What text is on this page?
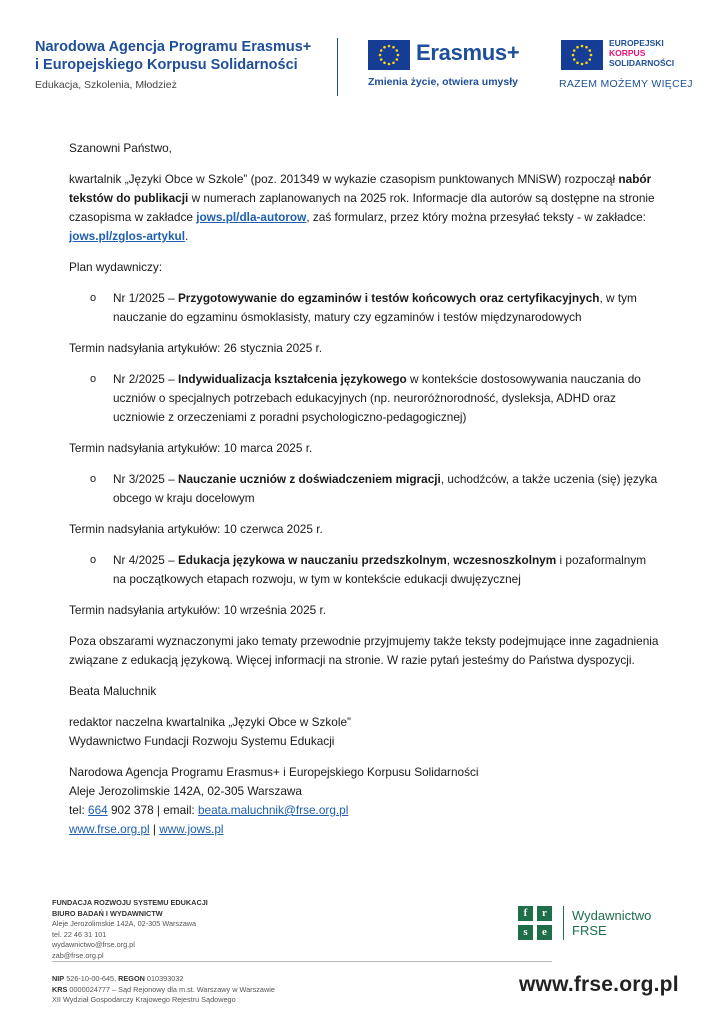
Narodowa Agencja Programu Erasmus+
i Europejskiego Korpusu Solidarności
Edukacja, Szkolenia, Młodzież
Erasmus+
Zmienia życie, otwiera umysły
EUROPEJSKI
KORPUS
SOLIDARNOŚCI
RAZEM MOŻEMY WIĘCEJ

Szanowni Państwo,

kwartalnik „Języki Obce w Szkole” (poz. 201349 w wykazie czasopism punktowanych MNiSW) rozpoczął nabór tekstów do publikacji w numerach zaplanowanych na 2025 rok. Informacje dla autorów są dostępne na stronie czasopisma w zakładce jows.pl/dla-autorow, zaś formularz, przez który można przesyłać teksty - w zakładce: jows.pl/zglos-artykul.

Plan wydawniczy:

o Nr 1/2025 – Przygotowywanie do egzaminów i testów końcowych oraz certyfikacyjnych, w tym nauczanie do egzaminu ósmoklasisty, matury czy egzaminów i testów międzynarodowych

Termin nadsyłania artykułów: 26 stycznia 2025 r.

o Nr 2/2025 – Indywidualizacja kształcenia językowego w kontekście dostosowywania nauczania do uczniów o specjalnych potrzebach edukacyjnych (np. neuroróżnorodność, dysleksja, ADHD oraz uczniowie z orzeczeniami z poradni psychologiczno-pedagogicznej)

Termin nadsyłania artykułów: 10 marca 2025 r.

o Nr 3/2025 – Nauczanie uczniów z doświadczeniem migracji, uchodźców, a także uczenia (się) języka obcego w kraju docelowym

Termin nadsyłania artykułów: 10 czerwca 2025 r.

o Nr 4/2025 – Edukacja językowa w nauczaniu przedszkolnym, wczesnoszkolnym i pozaformalnym na początkowych etapach rozwoju, w tym w kontekście edukacji dwujęzycznej

Termin nadsyłania artykułów: 10 września 2025 r.

Poza obszarami wyznaczonymi jako tematy przewodnie przyjmujemy także teksty podejmujące inne zagadnienia związane z edukacją językową. Więcej informacji na stronie. W razie pytań jesteśmy do Państwa dyspozycji.

Beata Maluchnik

redaktor naczelna kwartalnika „Języki Obce w Szkole”

Wydawnictwo Fundacji Rozwoju Systemu Edukacji

Narodowa Agencja Programu Erasmus+ i Europejskiego Korpusu Solidarności

Aleje Jerozolimskie 142A, 02-305 Warszawa

tel: 664 902 378 | email: beata.maluchnik@frse.org.pl

www.frse.org.pl | www.jows.pl

FUNDACJA ROZWOJU SYSTEMU EDUKACJI
BIURO BADAŃ I WYDAWNICTW
Aleje Jerozolimskie 142A, 02-305 Warszawa
tel. 22 46 31 101
wydawnictwo@frse.org.pl
zab@frse.org.pl
NIP 526-10-00-645, REGON 010393032
KRS 0000024777 – Sąd Rejonowy dla m.st. Warszawy w Warszawie
XII Wydział Gospodarczy Krajowego Rejestru Sądowego
f	r
s	e
Wydawnictwo
FRSE
www.frse.org.pl
